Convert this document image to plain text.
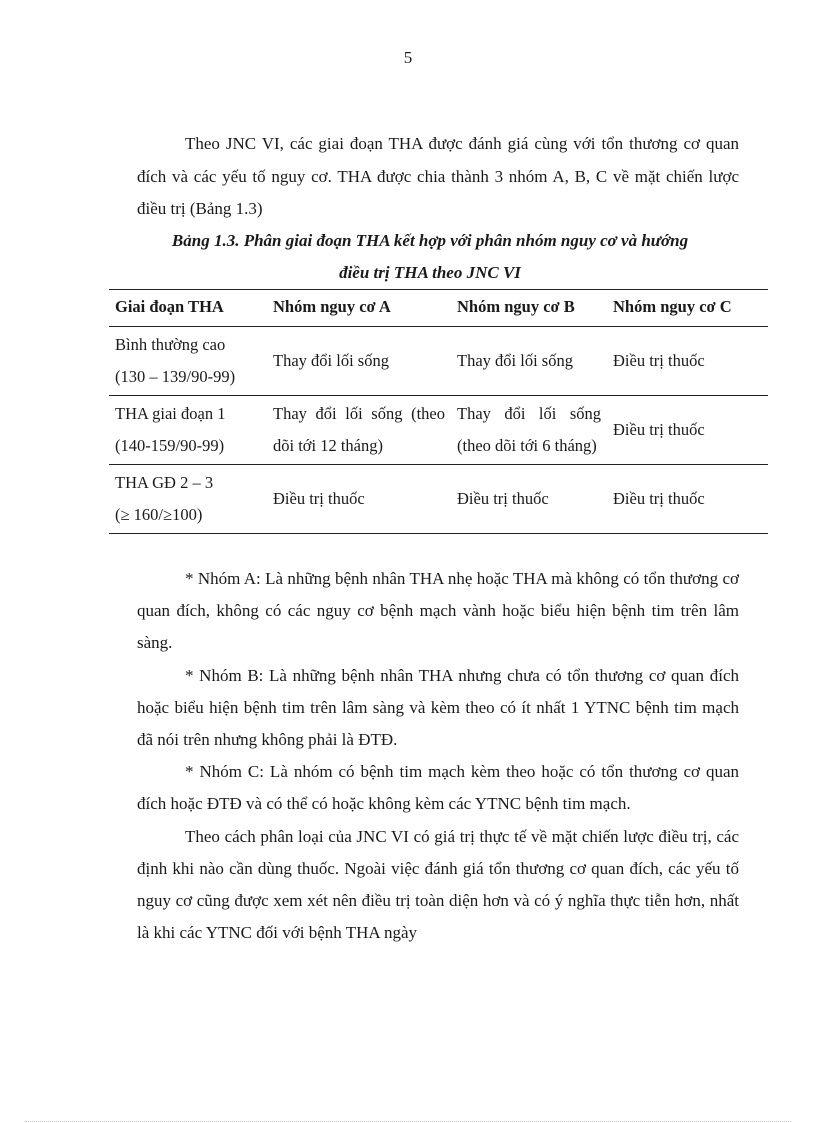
5

Theo JNC VI, các giai đoạn THA được đánh giá cùng với tổn thương cơ quan đích và các yếu tố nguy cơ. THA được chia thành 3 nhóm A, B, C về mặt chiến lược điều trị (Bảng 1.3)

Bảng 1.3. Phân giai đoạn THA kết hợp với phân nhóm nguy cơ và hướng

điều trị THA theo JNC VI

Giai đoạn THA	Nhóm nguy cơ A	Nhóm nguy cơ B	Nhóm nguy cơ C

Bình thường cao
(130 – 139/90-99)	Thay đổi lối sống	Thay đổi lối sống	Điều trị thuốc

THA giai đoạn 1
(140-159/90-99)	Thay đổi lối sống (theo dõi tới 12 tháng)	Thay đổi lối sống (theo dõi tới 6 tháng)	Điều trị thuốc

THA GĐ 2 – 3
(≥ 160/≥100)	Điều trị thuốc	Điều trị thuốc	Điều trị thuốc

* Nhóm A: Là những bệnh nhân THA nhẹ hoặc THA mà không có tổn thương cơ quan đích, không có các nguy cơ bệnh mạch vành hoặc biểu hiện bệnh tim trên lâm sàng.

* Nhóm B: Là những bệnh nhân THA nhưng chưa có tổn thương cơ quan đích hoặc biểu hiện bệnh tim trên lâm sàng và kèm theo có ít nhất 1 YTNC bệnh tim mạch đã nói trên nhưng không phải là ĐTĐ.

* Nhóm C: Là nhóm có bệnh tim mạch kèm theo hoặc có tổn thương cơ quan đích hoặc ĐTĐ và có thể có hoặc không kèm các YTNC bệnh tim mạch.

Theo cách phân loại của JNC VI có giá trị thực tế về mặt chiến lược điều trị, các định khi nào cần dùng thuốc. Ngoài việc đánh giá tổn thương cơ quan đích, các yếu tố nguy cơ cũng được xem xét nên điều trị toàn diện hơn và có ý nghĩa thực tiễn hơn, nhất là khi các YTNC đối với bệnh THA ngày
